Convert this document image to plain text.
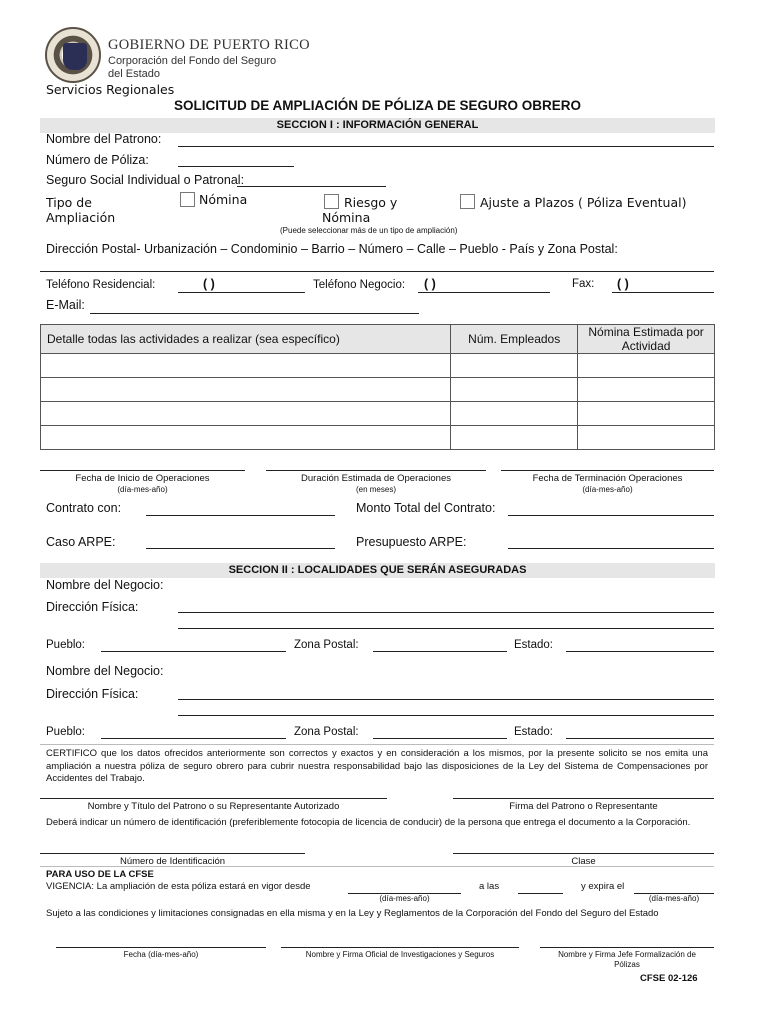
GOBIERNO DE PUERTO RICO
Corporación del Fondo del Seguro
del Estado
Servicios Regionales
SOLICITUD DE AMPLIACIÓN DE PÓLIZA DE SEGURO OBRERO
SECCION I : INFORMACIÓN GENERAL
Nombre del Patrono:
Número de Póliza:
Seguro Social Individual o Patronal:
Tipo de
Ampliación
Nómina	Riesgo y
Nómina
Ajuste a Plazos ( Póliza Eventual)
(Puede seleccionar más de un tipo de ampliación)
Dirección Postal- Urbanización – Condominio – Barrio – Número – Calle – Pueblo - País y Zona Postal:
Teléfono Residencial:	( )	Teléfono Negocio: ( )	Fax: ( )
E-Mail:
Detalle todas las actividades a realizar (sea específico)	Núm. Empleados	Nómina Estimada por
Actividad

Fecha de Inicio de Operaciones
(día-mes-año)
Duración Estimada de Operaciones
(en meses)
Fecha de Terminación Operaciones
(día-mes-año)
Contrato con:	Monto Total del Contrato:
Caso ARPE:	Presupuesto ARPE:
SECCION II : LOCALIDADES QUE SERÁN ASEGURADAS
Nombre del Negocio:
Dirección Física:
Pueblo:	Zona Postal:	Estado:
Nombre del Negocio:
Dirección Física:
Pueblo:	Zona Postal:	Estado:
CERTIFICO que los datos ofrecidos anteriormente son correctos y exactos y en consideración a los mismos, por la presente solicito se nos emita una ampliación a nuestra póliza de seguro obrero para cubrir nuestra responsabilidad bajo las disposiciones de la Ley del Sistema de Compensaciones por Accidentes del Trabajo.
Nombre y Título del Patrono o su Representante Autorizado	Firma del Patrono o Representante
Deberá indicar un número de identificación (preferiblemente fotocopia de licencia de conducir) de la persona que entrega el documento a la Corporación.
Número de Identificación	Clase
PARA USO DE LA CFSE
VIGENCIA: La ampliación de esta póliza estará en vigor desde
(día-mes-año)
a las	y expira el
(día-mes-año)
Sujeto a las condiciones y limitaciones consignadas en ella misma y en la Ley y Reglamentos de la Corporación del Fondo del Seguro del Estado
Fecha (día-mes-año)	Nombre y Firma Oficial de Investigaciones y Seguros	Nombre y Firma Jefe Formalización de
Pólizas
CFSE 02-126
